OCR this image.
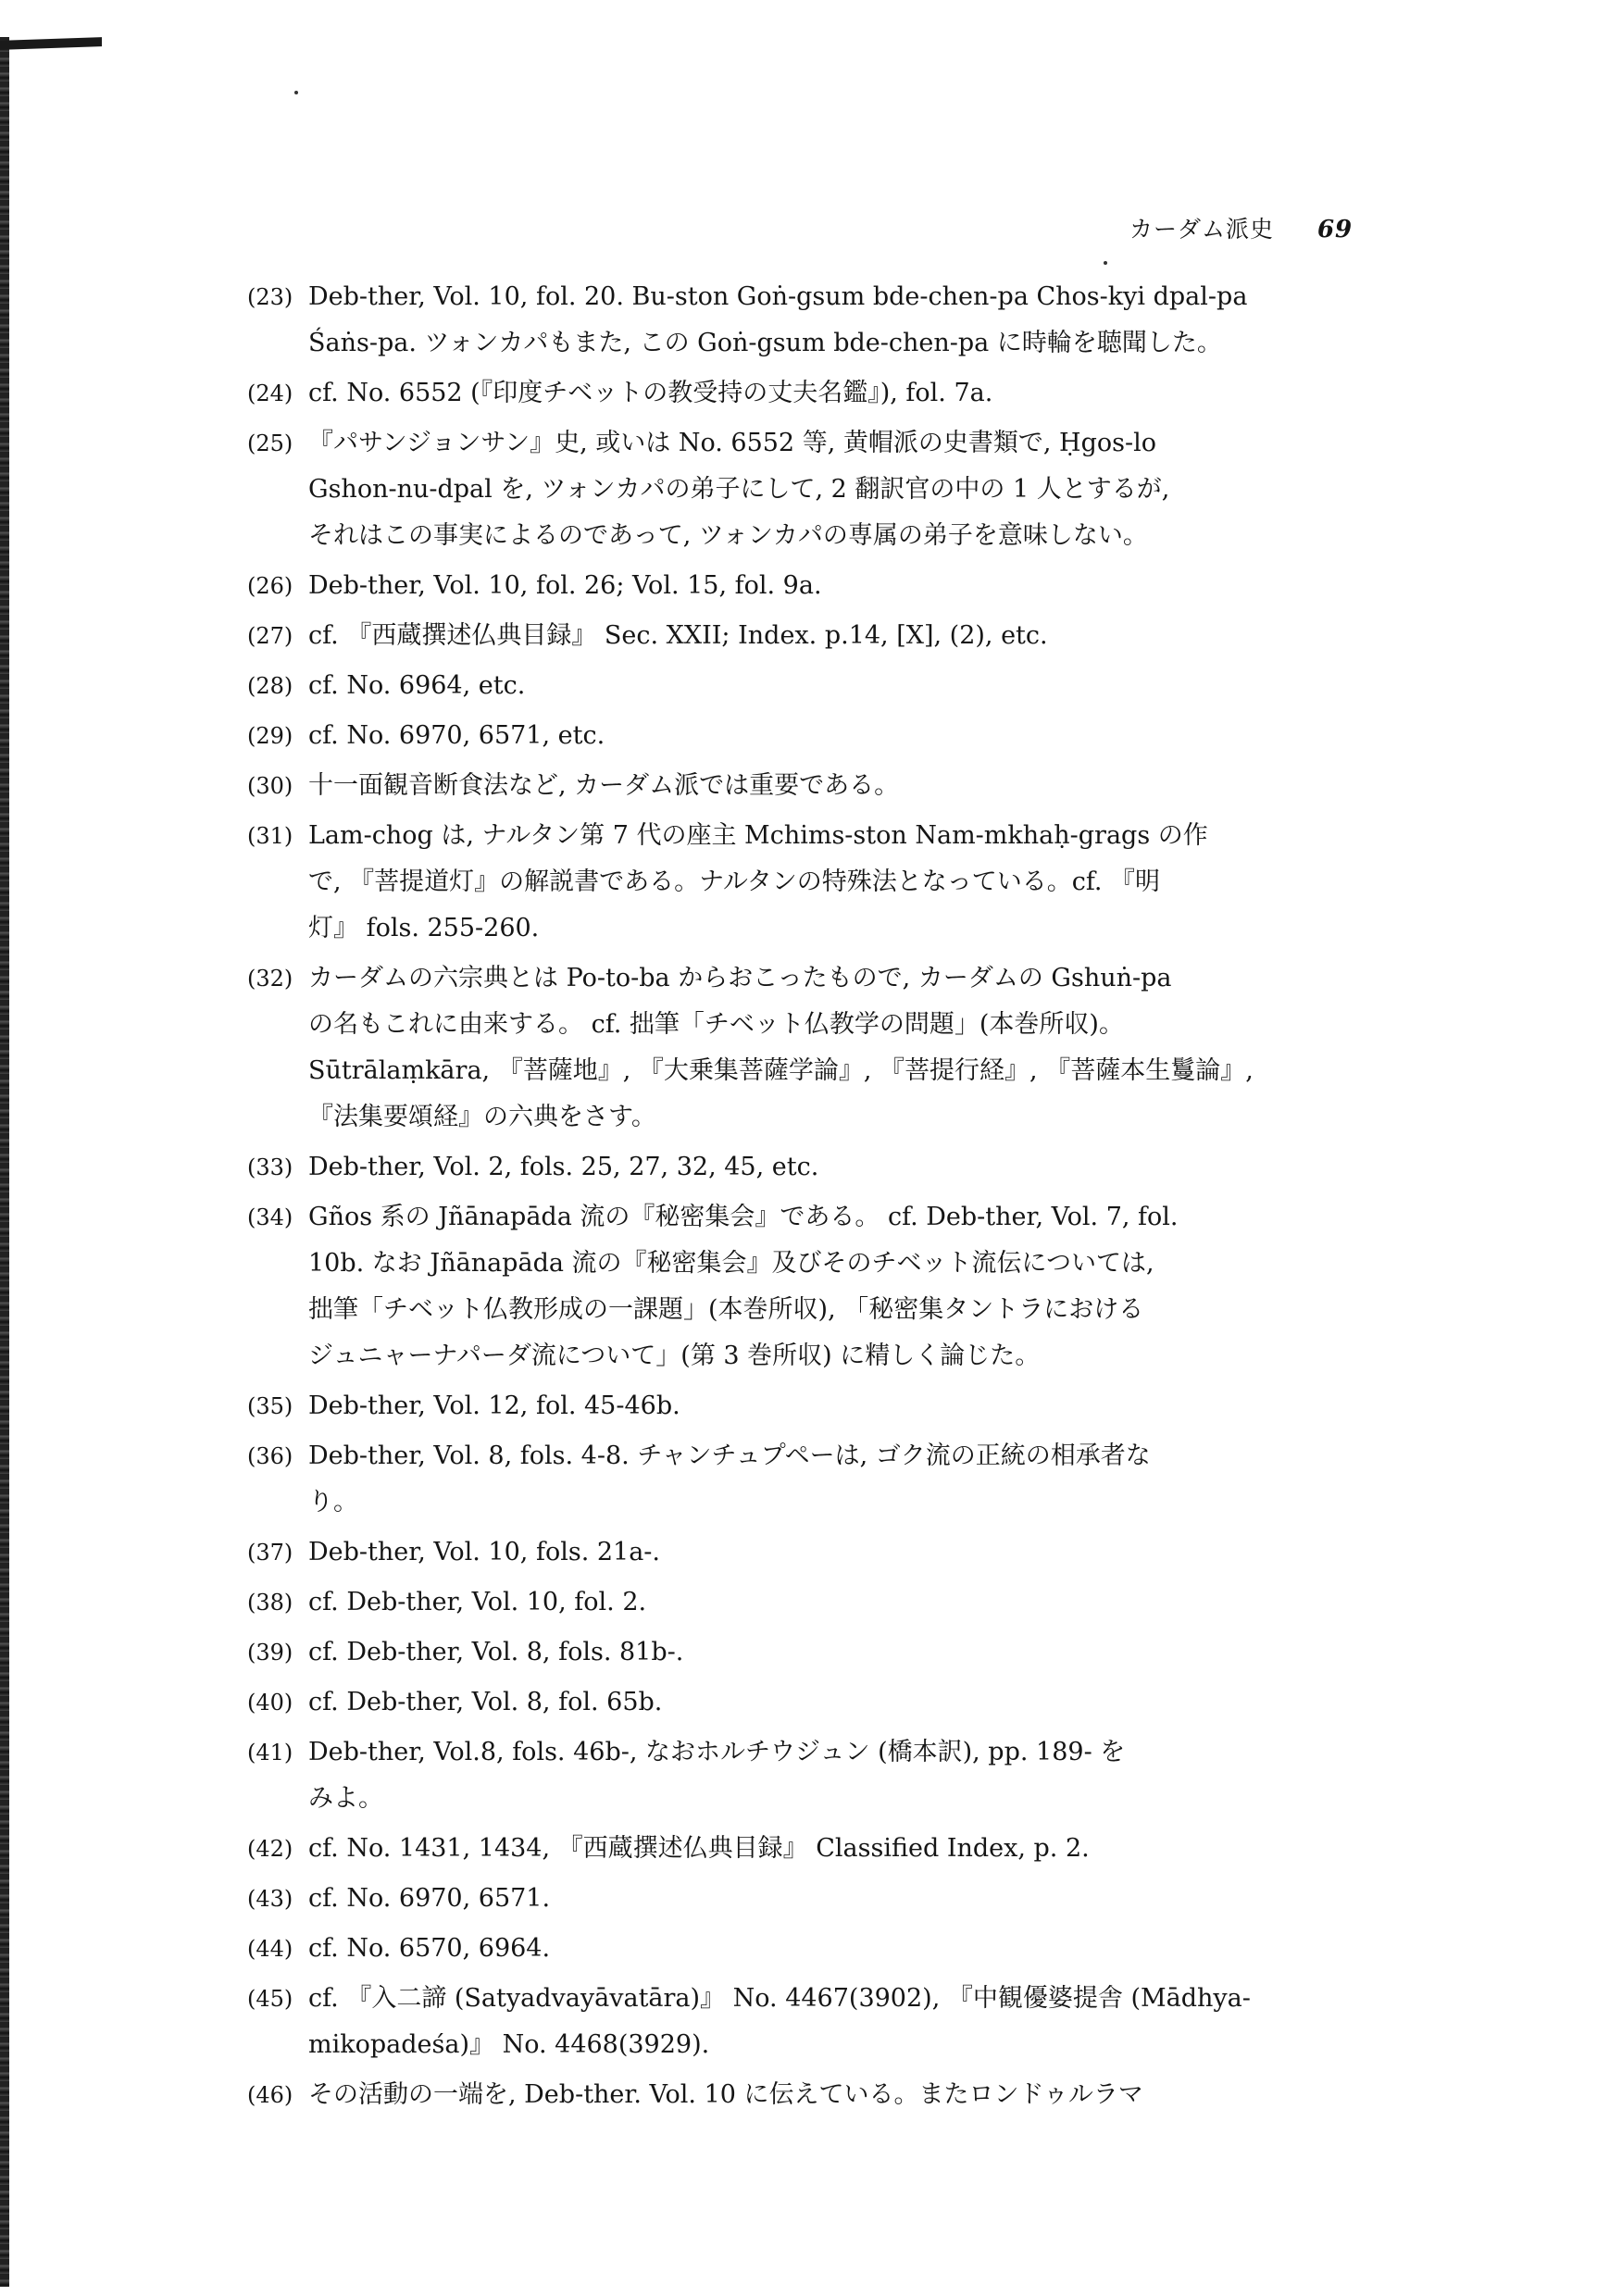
カーダム派史 69
(23) Deb-ther, Vol. 10, fol. 20. Bu-ston Goṅ-gsum bde-chen-pa Chos-kyi dpal-pa
Śaṅs-pa. ツォンカパもまた, この Goṅ-gsum bde-chen-pa に時輪を聴聞した。
(24) cf. No. 6552 (『印度チベットの教受持の丈夫名鑑』), fol. 7a.
(25) 『パサンジョンサン』史, 或いは No. 6552 等, 黄帽派の史書類で, Ḥgos-lo
Gshon-nu-dpal を, ツォンカパの弟子にして, 2 翻訳官の中の 1 人とするが,
それはこの事実によるのであって, ツォンカパの専属の弟子を意味しない。
(26) Deb-ther, Vol. 10, fol. 26; Vol. 15, fol. 9a.
(27) cf. 『西蔵撰述仏典目録』 Sec. XXII; Index. p.14, [X], (2), etc.
(28) cf. No. 6964, etc.
(29) cf. No. 6970, 6571, etc.
(30) 十一面観音断食法など, カーダム派では重要である。
(31) Lam-chog は, ナルタン第 7 代の座主 Mchims-ston Nam-mkhaḥ-grags の作
で, 『菩提道灯』の解説書である。ナルタンの特殊法となっている。cf. 『明
灯』 fols. 255-260.
(32) カーダムの六宗典とは Po-to-ba からおこったもので, カーダムの Gshuṅ-pa
の名もこれに由来する。 cf. 拙筆「チベット仏教学の問題」(本巻所収)。
Sūtrālaṃkāra, 『菩薩地』, 『大乗集菩薩学論』, 『菩提行経』, 『菩薩本生鬘論』,
『法集要頌経』の六典をさす。
(33) Deb-ther, Vol. 2, fols. 25, 27, 32, 45, etc.
(34) Gños 系の Jñānapāda 流の『秘密集会』である。 cf. Deb-ther, Vol. 7, fol.
10b. なお Jñānapāda 流の『秘密集会』及びそのチベット流伝については,
拙筆「チベット仏教形成の一課題」(本巻所収), 「秘密集タントラにおける
ジュニャーナパーダ流について」(第 3 巻所収) に精しく論じた。
(35) Deb-ther, Vol. 12, fol. 45-46b.
(36) Deb-ther, Vol. 8, fols. 4-8. チャンチュプペーは, ゴク流の正統の相承者な
り。
(37) Deb-ther, Vol. 10, fols. 21a-.
(38) cf. Deb-ther, Vol. 10, fol. 2.
(39) cf. Deb-ther, Vol. 8, fols. 81b-.
(40) cf. Deb-ther, Vol. 8, fol. 65b.
(41) Deb-ther, Vol.8, fols. 46b-, なおホルチウジュン (橋本訳), pp. 189- を
みよ。
(42) cf. No. 1431, 1434, 『西蔵撰述仏典目録』 Classified Index, p. 2.
(43) cf. No. 6970, 6571.
(44) cf. No. 6570, 6964.
(45) cf. 『入二諦 (Satyadvayāvatāra)』 No. 4467(3902), 『中観優婆提舎 (Mādhya-
mikopadeśa)』 No. 4468(3929).
(46) その活動の一端を, Deb-ther. Vol. 10 に伝えている。またロンドゥルラマ
